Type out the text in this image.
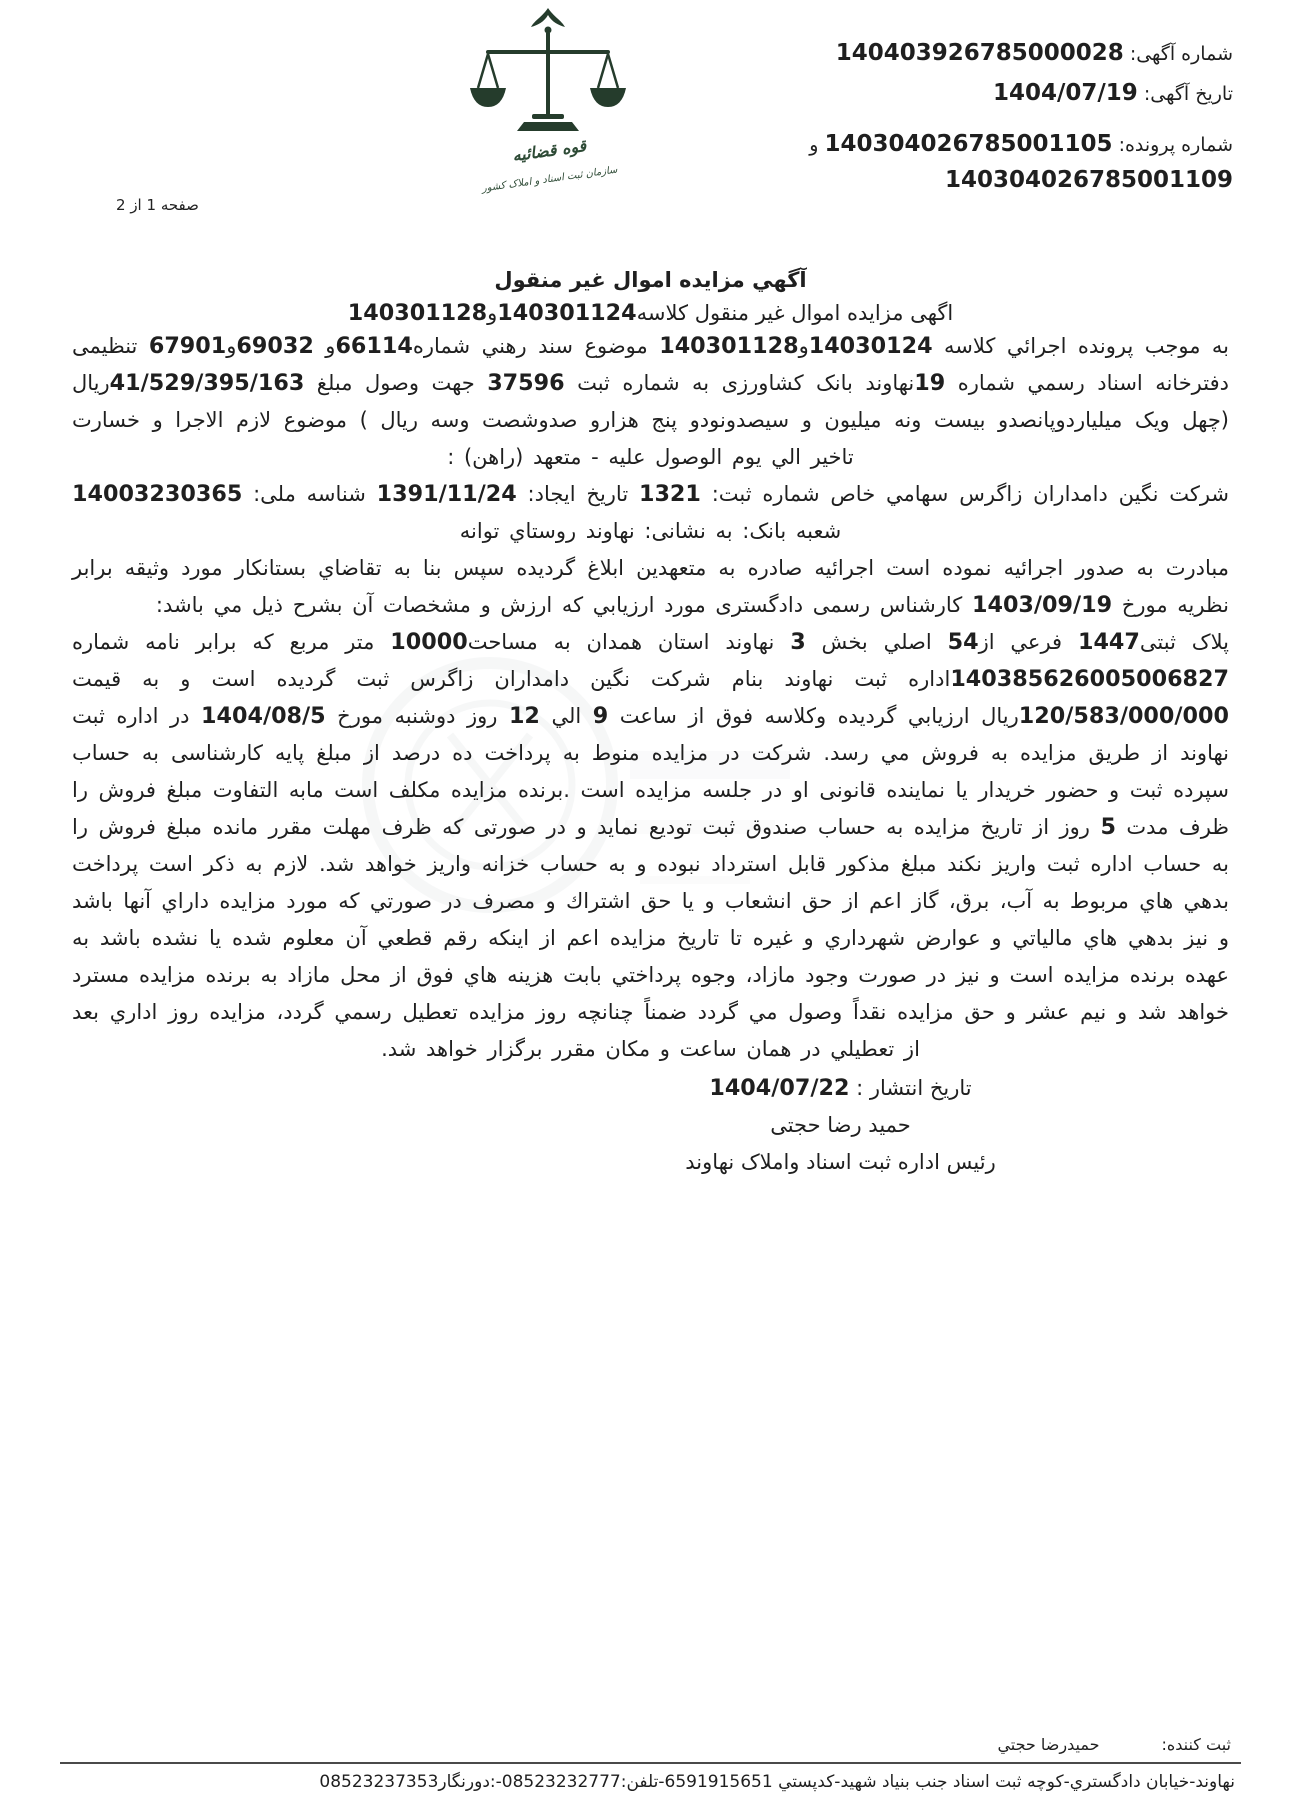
قوه قضائیه
سازمان ثبت اسناد و املاک کشور
شماره آگهی: 140403926785000028
تاریخ آگهی: 1404/07/19
شماره پرونده: 140304026785001105 و 140304026785001109
صفحه 1 از 2
آگهي مزايده اموال غير منقول
اگهی مزایده اموال غیر منقول کلاسه140301124و140301128

به موجب پرونده اجرائي کلاسه 14030124و140301128 موضوع سند رهني شماره66114و 69032و67901 تنظیمی دفترخانه اسناد رسمي شماره 19نهاوند بانک کشاورزی به شماره ثبت 37596 جهت وصول مبلغ 41/529/395/163ریال (چهل ویک میلیاردوپانصدو بیست ونه میلیون و سیصدونودو پنج هزارو صدوشصت وسه ریال ) موضوع لازم الاجرا و خسارت تاخیر الي يوم الوصول عليه - متعهد (راهن) :

شرکت نگین دامداران زاگرس سهامي خاص شماره ثبت: 1321 تاریخ ایجاد: 1391/11/24 شناسه ملی: 14003230365 شعبه بانک: به نشانی: نهاوند روستاي توانه

مبادرت به صدور اجرائیه نموده است اجرائیه صادره به متعهدین ابلاغ گردیده سپس بنا به تقاضاي بستانکار مورد وثیقه برابر نظریه مورخ 1403/09/19 کارشناس رسمی دادگستری مورد ارزيابي که ارزش و مشخصات آن بشرح ذیل مي باشد:

پلاک ثبتی1447 فرعي از54 اصلي بخش 3 نهاوند استان همدان به مساحت10000 متر مربع که برابر نامه شماره 140385626005006827اداره ثبت نهاوند بنام شرکت نگین دامداران زاگرس ثبت گردیده است و به قیمت 120/583/000/000ریال ارزيابي گرديده وکلاسه فوق از ساعت 9 الي 12 روز دوشنبه مورخ 1404/08/5 در اداره ثبت نهاوند از طریق مزایده به فروش مي رسد. شرکت در مزایده منوط به پرداخت ده درصد از مبلغ پایه کارشناسی به حساب سپرده ثبت و حضور خریدار یا نماینده قانونی او در جلسه مزایده است .برنده مزایده مکلف است مابه التفاوت مبلغ فروش را ظرف مدت 5 روز از تاریخ مزایده به حساب صندوق ثبت تودیع نماید و در صورتی که ظرف مهلت مقرر مانده مبلغ فروش را به حساب اداره ثبت واریز نکند مبلغ مذکور قابل استرداد نبوده و به حساب خزانه واریز خواهد شد. لازم به ذکر است پرداخت بدهي هاي مربوط به آب، برق، گاز اعم از حق انشعاب و یا حق اشتراك و مصرف در صورتي که مورد مزایده داراي آنها باشد و نیز بدهي هاي مالیاتي و عوارض شهرداري و غیره تا تاریخ مزایده اعم از اینکه رقم قطعي آن معلوم شده یا نشده باشد به عهده برنده مزایده است و نیز در صورت وجود مازاد، وجوه پرداختي بابت هزینه هاي فوق از محل مازاد به برنده مزایده مسترد خواهد شد و نیم عشر و حق مزایده نقداً وصول مي گردد ضمناً چنانچه روز مزایده تعطیل رسمي گردد، مزایده روز اداري بعد از تعطیلي در همان ساعت و مکان مقرر برگزار خواهد شد.

تاریخ انتشار : 1404/07/22
حمید رضا حجتی
رئیس اداره ثبت اسناد واملاک نهاوند
ثبت کننده:
حمیدرضا حجتي
نهاوند-خیابان دادگستري-کوچه ثبت اسناد جنب بنیاد شهید-کدپستي 6591915651-تلفن:08523232777-:دورنگار08523237353
